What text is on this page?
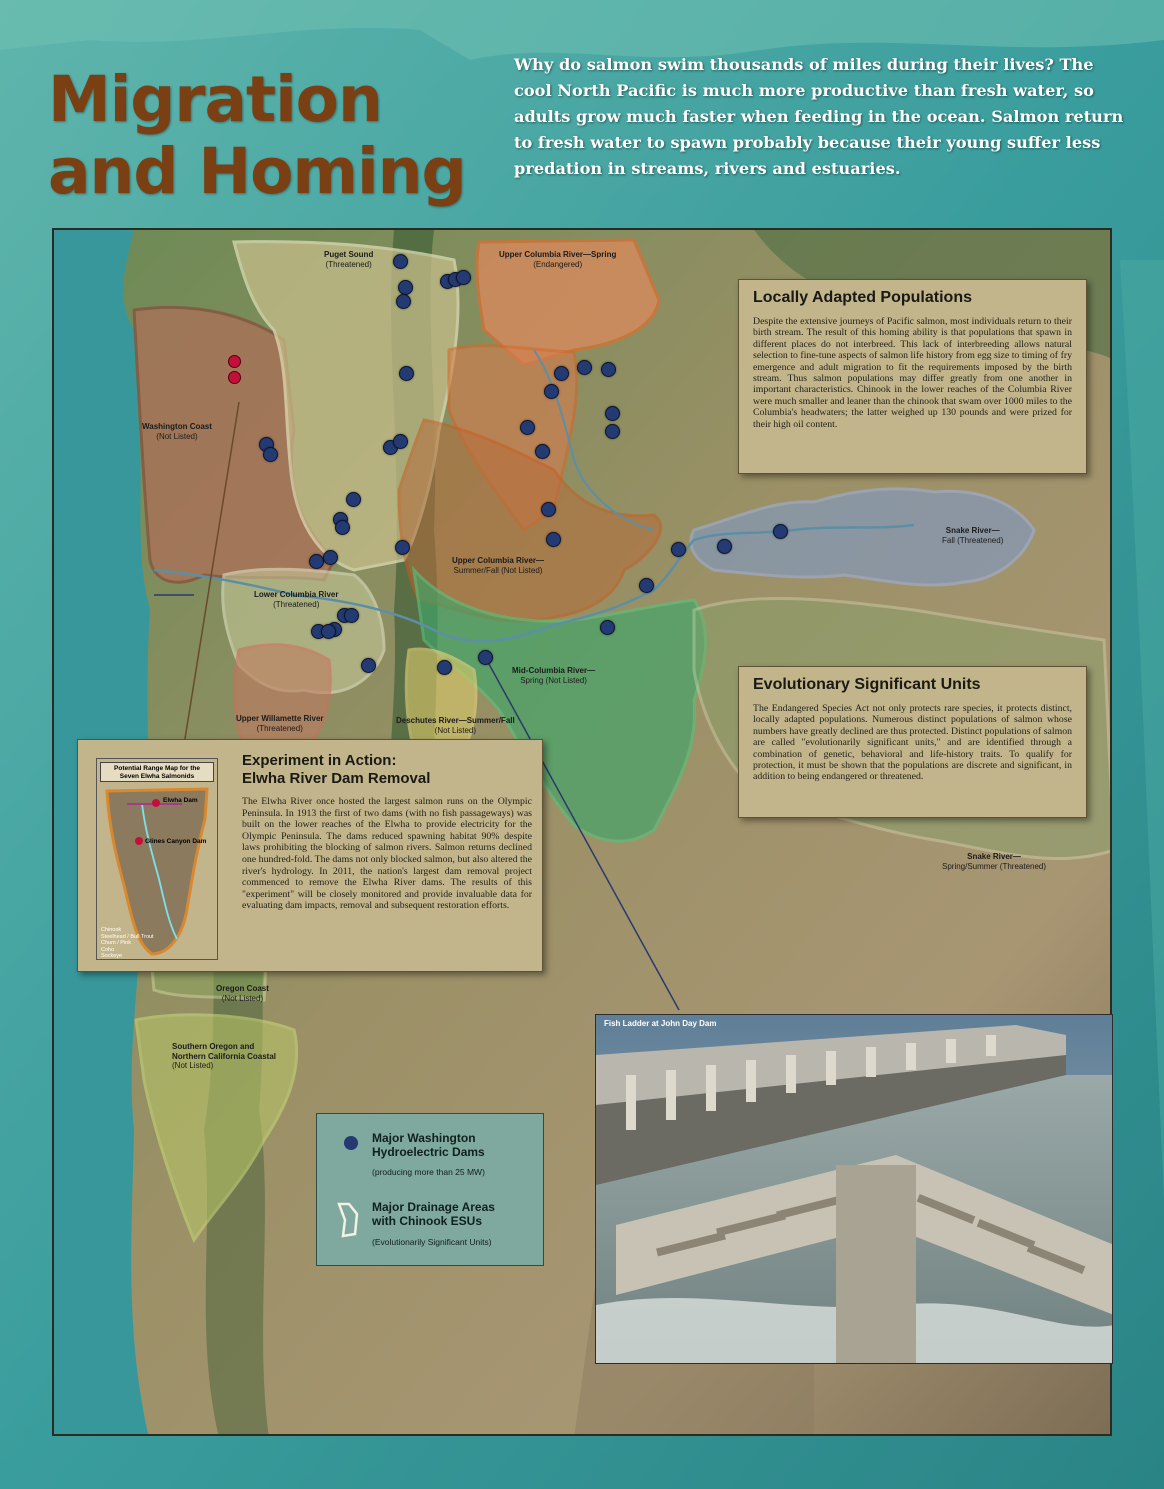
Migration
and Homing

Why do salmon swim thousands of miles during their lives? The cool North Pacific is much more productive than fresh water, so adults grow much faster when feeding in the ocean. Salmon return to fresh water to spawn probably because their young suffer less predation in streams, rivers and estuaries.

Puget Sound
(Threatened)
Upper Columbia River—Spring
(Endangered)
Washington Coast
(Not Listed)
Upper Columbia River—
Summer/Fall (Not Listed)
Snake River—
Fall (Threatened)
Lower Columbia River
(Threatened)
Mid-Columbia River—
Spring (Not Listed)
Upper Willamette River
(Threatened)
Deschutes River—Summer/Fall
(Not Listed)
Snake River—
Spring/Summer (Threatened)
Oregon Coast
(Not Listed)
Southern Oregon and
Northern California Coastal
(Not Listed)
Locally Adapted Populations

Despite the extensive journeys of Pacific salmon, most individuals return to their birth stream. The result of this homing ability is that populations that spawn in different places do not interbreed. This lack of interbreeding allows natural selection to fine-tune aspects of salmon life history from egg size to timing of fry emergence and adult migration to fit the requirements imposed by the birth stream. Thus salmon populations may differ greatly from one another in important characteristics. Chinook in the lower reaches of the Columbia River were much smaller and leaner than the chinook that swam over 1000 miles to the Columbia's headwaters; the latter weighed up 130 pounds and were prized for their high oil content.

Evolutionary Significant Units

The Endangered Species Act not only protects rare species, it protects distinct, locally adapted populations. Numerous distinct populations of salmon whose numbers have greatly declined are thus protected. Distinct populations of salmon are called "evolutionarily significant units," and are identified through a combination of genetic, behavioral and life-history traits. To qualify for protection, it must be shown that the populations are discrete and significant, in addition to being endangered or threatened.

Potential Range Map for the
Seven Elwha Salmonids
Elwha Dam
Glines Canyon Dam
Chinook
Steelhead / Bull Trout
Chum / Pink
Coho
Sockeye
Experiment in Action:
Elwha River Dam Removal

The Elwha River once hosted the largest salmon runs on the Olympic Peninsula. In 1913 the first of two dams (with no fish passageways) was built on the lower reaches of the Elwha to provide electricity for the Olympic Peninsula. The dams reduced spawning habitat 90% despite laws prohibiting the blocking of salmon rivers. Salmon returns declined one hundred-fold. The dams not only blocked salmon, but also altered the river's hydrology. In 2011, the nation's largest dam removal project commenced to remove the Elwha River dams. The results of this "experiment" will be closely monitored and provide invaluable data for evaluating dam impacts, removal and subsequent restoration efforts.

Major Washington
Hydroelectric Dams
(producing more than 25 MW)
Major Drainage Areas
with Chinook ESUs
(Evolutionarily Significant Units)
Fish Ladder at John Day Dam
